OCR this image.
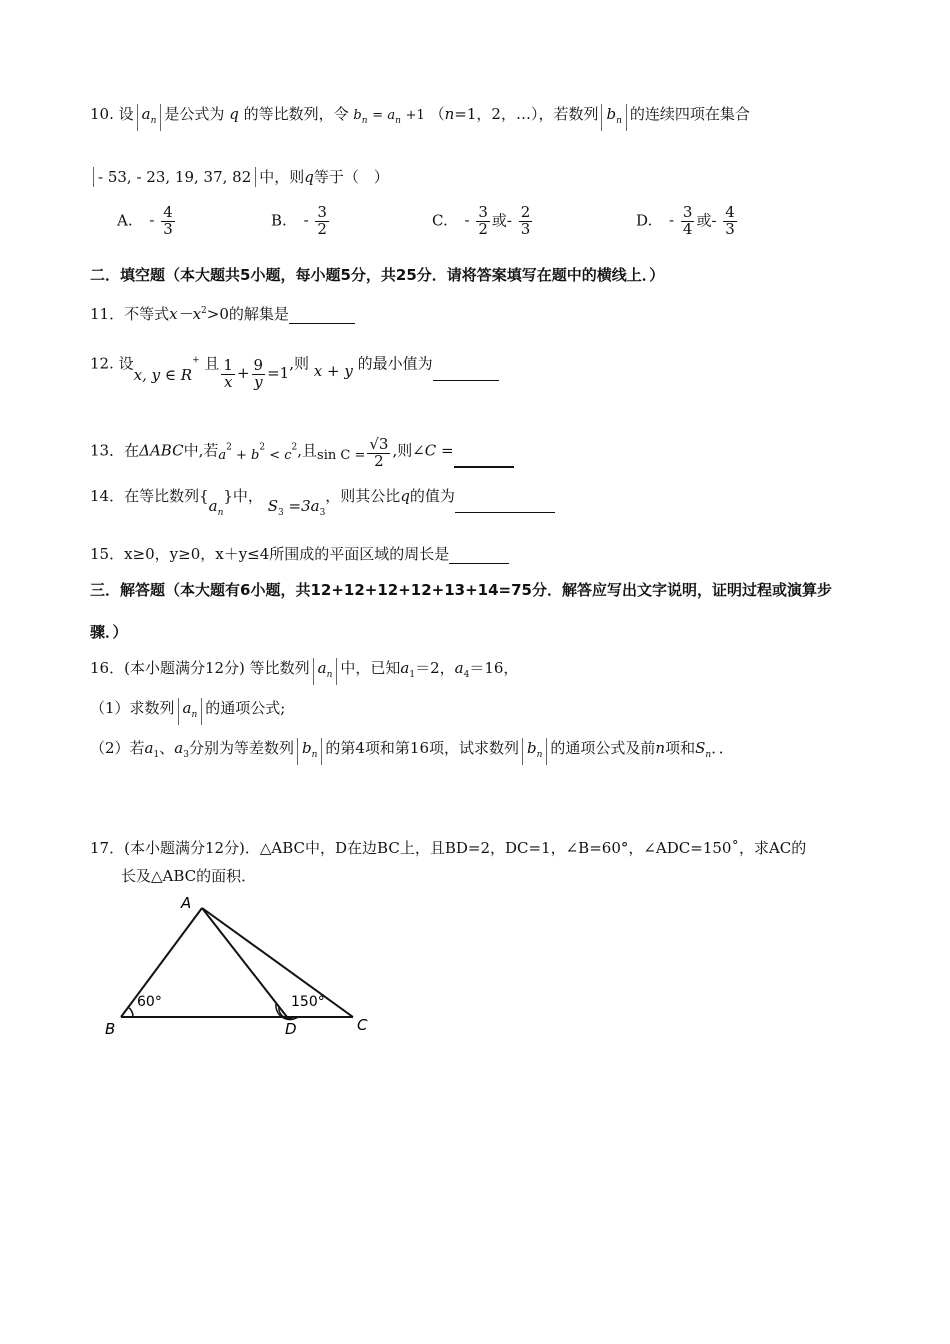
10. 设 $a_n$ 是公式为 q 的等比数列，令 $b_n = a_n +1$ （n=1，2，…），若数列 $b_n$ 的连续四项在集合
- 53, - 23, 19, 37, 82 中，则q等于（　）
A. - $\frac{4}{3}$	B. - $\frac{3}{2}$	C. - $\frac{3}{2}$ 或- $\frac{2}{3}$	D. - $\frac{3}{4}$ 或- $\frac{4}{3}$
二．填空题（本大题共5小题，每小题5分，共25分．请将答案填写在题中的横线上．）
11．不等式$x-x^2>0$的解集是
12. 设x, y ∈ R+ 且 $\frac{1}{x} + \frac{9}{y} =1$,则 x + y 的最小值为
13．在ΔABC中,若$a^2 + b^2 < c^2$,且$\sin C = \frac{√3}{2}$ ,则∠C =
14．在等比数列$\{a_n\}$中， $S_3 =3a_3$，则其公比q的值为
15．x≥0，y≥0，x＋y≤4所围成的平面区域的周长是
三．解答题（本大题有6小题，共12+12+12+12+13+14=75分．解答应写出文字说明，证明过程或演算步
骤．）
16．(本小题满分12分) 等比数列 $a_n$ 中，已知$a_1=2$，$a_4=16$，
（1）求数列 $a_n$ 的通项公式;
（2）若$a_1$、$a_3$分别为等差数列 $b_n$ 的第4项和第16项，试求数列 $b_n$ 的通项公式及前n项和$S_n$．．
17．(本小题满分12分)．△ABC中，D在边BC上，且BD=2，DC=1，∠B=60°，∠ADC=150˚，求AC的
长及△ABC的面积．
A
B	C
D
60°	150°
